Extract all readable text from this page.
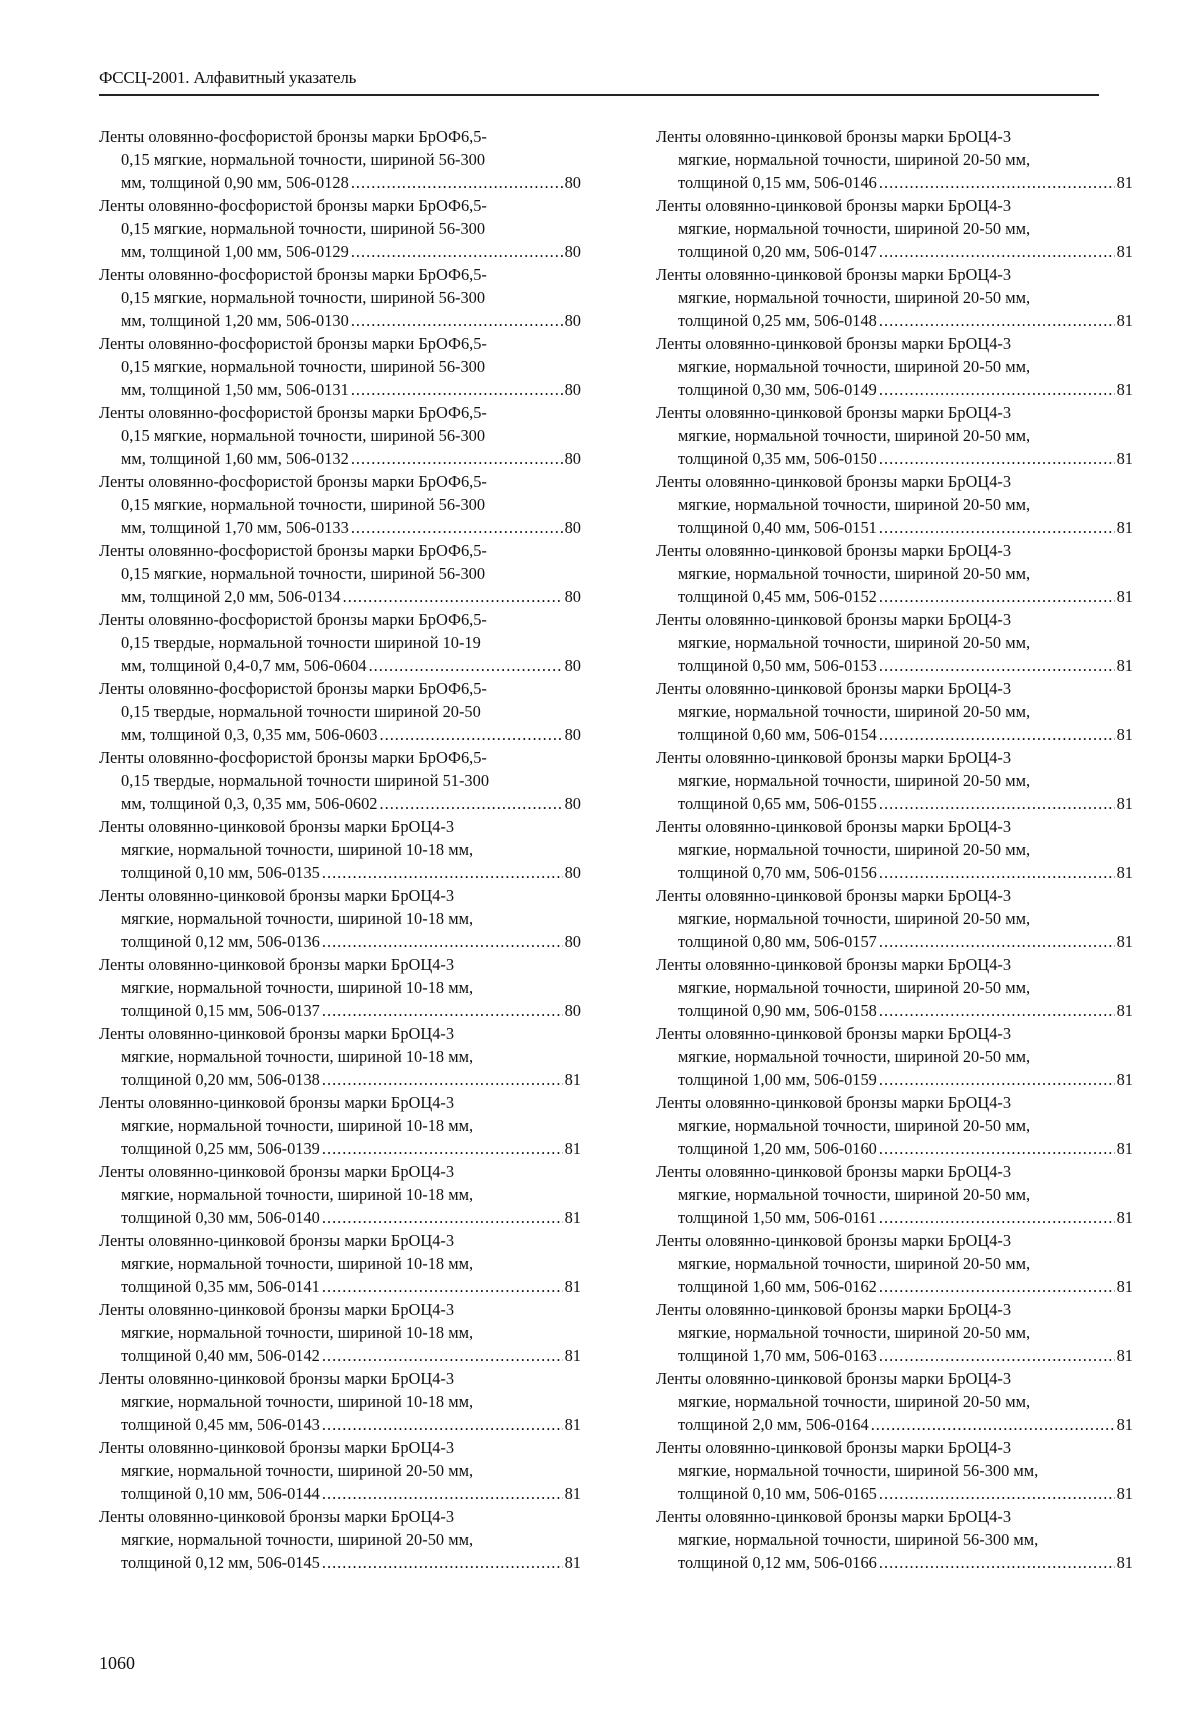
ФССЦ-2001. Алфавитный указатель
Ленты оловянно-фосфористой бронзы марки БрОФ6,5-
0,15 мягкие, нормальной точности, шириной 56-300
мм, толщиной 0,90 мм, 506-0128 .....	80
Ленты оловянно-фосфористой бронзы марки БрОФ6,5-
0,15 мягкие, нормальной точности, шириной 56-300
мм, толщиной 1,00 мм, 506-0129 .....	80
Ленты оловянно-фосфористой бронзы марки БрОФ6,5-
0,15 мягкие, нормальной точности, шириной 56-300
мм, толщиной 1,20 мм, 506-0130 .....	80
Ленты оловянно-фосфористой бронзы марки БрОФ6,5-
0,15 мягкие, нормальной точности, шириной 56-300
мм, толщиной 1,50 мм, 506-0131 .....	80
Ленты оловянно-фосфористой бронзы марки БрОФ6,5-
0,15 мягкие, нормальной точности, шириной 56-300
мм, толщиной 1,60 мм, 506-0132 .....	80
Ленты оловянно-фосфористой бронзы марки БрОФ6,5-
0,15 мягкие, нормальной точности, шириной 56-300
мм, толщиной 1,70 мм, 506-0133 .....	80
Ленты оловянно-фосфористой бронзы марки БрОФ6,5-
0,15 мягкие, нормальной точности, шириной 56-300
мм, толщиной 2,0 мм, 506-0134 .....	80
Ленты оловянно-фосфористой бронзы марки БрОФ6,5-
0,15 твердые, нормальной точности шириной 10-19
мм, толщиной 0,4-0,7 мм, 506-0604 .....	80
Ленты оловянно-фосфористой бронзы марки БрОФ6,5-
0,15 твердые, нормальной точности шириной 20-50
мм, толщиной 0,3, 0,35 мм, 506-0603 .....	80
Ленты оловянно-фосфористой бронзы марки БрОФ6,5-
0,15 твердые, нормальной точности шириной 51-300
мм, толщиной 0,3, 0,35 мм, 506-0602 .....	80
Ленты оловянно-цинковой бронзы марки БрОЦ4-3
мягкие, нормальной точности, шириной 10-18 мм,
толщиной 0,10 мм, 506-0135 .....	80
Ленты оловянно-цинковой бронзы марки БрОЦ4-3
мягкие, нормальной точности, шириной 10-18 мм,
толщиной 0,12 мм, 506-0136 .....	80
Ленты оловянно-цинковой бронзы марки БрОЦ4-3
мягкие, нормальной точности, шириной 10-18 мм,
толщиной 0,15 мм, 506-0137 .....	80
Ленты оловянно-цинковой бронзы марки БрОЦ4-3
мягкие, нормальной точности, шириной 10-18 мм,
толщиной 0,20 мм, 506-0138 .....	81
Ленты оловянно-цинковой бронзы марки БрОЦ4-3
мягкие, нормальной точности, шириной 10-18 мм,
толщиной 0,25 мм, 506-0139 .....	81
Ленты оловянно-цинковой бронзы марки БрОЦ4-3
мягкие, нормальной точности, шириной 10-18 мм,
толщиной 0,30 мм, 506-0140 .....	81
Ленты оловянно-цинковой бронзы марки БрОЦ4-3
мягкие, нормальной точности, шириной 10-18 мм,
толщиной 0,35 мм, 506-0141 .....	81
Ленты оловянно-цинковой бронзы марки БрОЦ4-3
мягкие, нормальной точности, шириной 10-18 мм,
толщиной 0,40 мм, 506-0142 .....	81
Ленты оловянно-цинковой бронзы марки БрОЦ4-3
мягкие, нормальной точности, шириной 10-18 мм,
толщиной 0,45 мм, 506-0143 .....	81
Ленты оловянно-цинковой бронзы марки БрОЦ4-3
мягкие, нормальной точности, шириной 20-50 мм,
толщиной 0,10 мм, 506-0144 .....	81
Ленты оловянно-цинковой бронзы марки БрОЦ4-3
мягкие, нормальной точности, шириной 20-50 мм,
толщиной 0,12 мм, 506-0145 .....	81
Ленты оловянно-цинковой бронзы марки БрОЦ4-3
мягкие, нормальной точности, шириной 20-50 мм,
толщиной 0,15 мм, 506-0146 .....	81
Ленты оловянно-цинковой бронзы марки БрОЦ4-3
мягкие, нормальной точности, шириной 20-50 мм,
толщиной 0,20 мм, 506-0147 .....	81
Ленты оловянно-цинковой бронзы марки БрОЦ4-3
мягкие, нормальной точности, шириной 20-50 мм,
толщиной 0,25 мм, 506-0148 .....	81
Ленты оловянно-цинковой бронзы марки БрОЦ4-3
мягкие, нормальной точности, шириной 20-50 мм,
толщиной 0,30 мм, 506-0149 .....	81
Ленты оловянно-цинковой бронзы марки БрОЦ4-3
мягкие, нормальной точности, шириной 20-50 мм,
толщиной 0,35 мм, 506-0150 .....	81
Ленты оловянно-цинковой бронзы марки БрОЦ4-3
мягкие, нормальной точности, шириной 20-50 мм,
толщиной 0,40 мм, 506-0151 .....	81
Ленты оловянно-цинковой бронзы марки БрОЦ4-3
мягкие, нормальной точности, шириной 20-50 мм,
толщиной 0,45 мм, 506-0152 .....	81
Ленты оловянно-цинковой бронзы марки БрОЦ4-3
мягкие, нормальной точности, шириной 20-50 мм,
толщиной 0,50 мм, 506-0153 .....	81
Ленты оловянно-цинковой бронзы марки БрОЦ4-3
мягкие, нормальной точности, шириной 20-50 мм,
толщиной 0,60 мм, 506-0154 .....	81
Ленты оловянно-цинковой бронзы марки БрОЦ4-3
мягкие, нормальной точности, шириной 20-50 мм,
толщиной 0,65 мм, 506-0155 .....	81
Ленты оловянно-цинковой бронзы марки БрОЦ4-3
мягкие, нормальной точности, шириной 20-50 мм,
толщиной 0,70 мм, 506-0156 .....	81
Ленты оловянно-цинковой бронзы марки БрОЦ4-3
мягкие, нормальной точности, шириной 20-50 мм,
толщиной 0,80 мм, 506-0157 .....	81
Ленты оловянно-цинковой бронзы марки БрОЦ4-3
мягкие, нормальной точности, шириной 20-50 мм,
толщиной 0,90 мм, 506-0158 .....	81
Ленты оловянно-цинковой бронзы марки БрОЦ4-3
мягкие, нормальной точности, шириной 20-50 мм,
толщиной 1,00 мм, 506-0159 .....	81
Ленты оловянно-цинковой бронзы марки БрОЦ4-3
мягкие, нормальной точности, шириной 20-50 мм,
толщиной 1,20 мм, 506-0160 .....	81
Ленты оловянно-цинковой бронзы марки БрОЦ4-3
мягкие, нормальной точности, шириной 20-50 мм,
толщиной 1,50 мм, 506-0161 .....	81
Ленты оловянно-цинковой бронзы марки БрОЦ4-3
мягкие, нормальной точности, шириной 20-50 мм,
толщиной 1,60 мм, 506-0162 .....	81
Ленты оловянно-цинковой бронзы марки БрОЦ4-3
мягкие, нормальной точности, шириной 20-50 мм,
толщиной 1,70 мм, 506-0163 .....	81
Ленты оловянно-цинковой бронзы марки БрОЦ4-3
мягкие, нормальной точности, шириной 20-50 мм,
толщиной 2,0 мм, 506-0164 .....	81
Ленты оловянно-цинковой бронзы марки БрОЦ4-3
мягкие, нормальной точности, шириной 56-300 мм,
толщиной 0,10 мм, 506-0165 .....	81
Ленты оловянно-цинковой бронзы марки БрОЦ4-3
мягкие, нормальной точности, шириной 56-300 мм,
толщиной 0,12 мм, 506-0166 .....	81
1060
